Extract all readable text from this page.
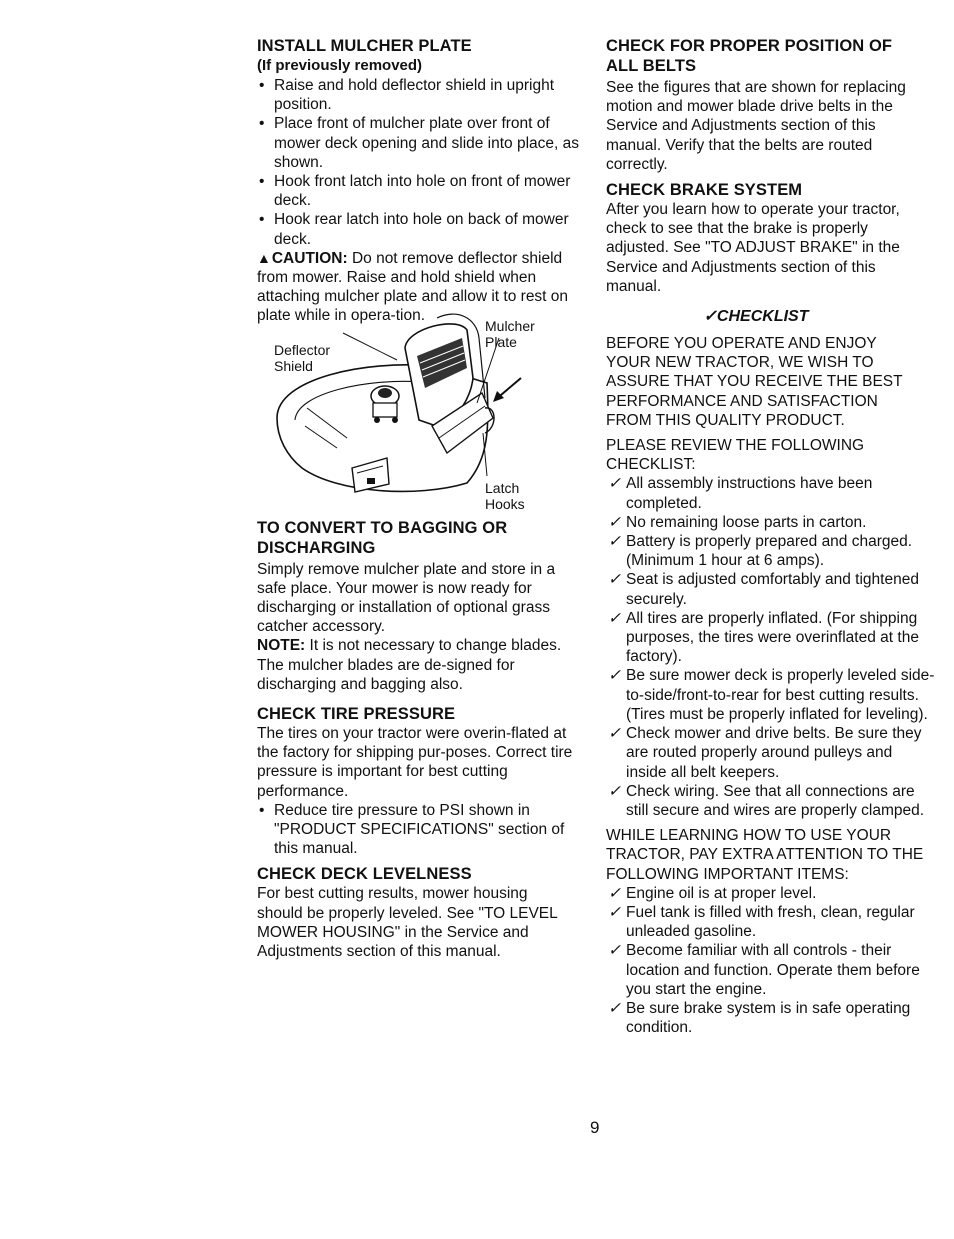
INSTALL MULCHER PLATE
(If previously removed)
• Raise and hold deflector shield in upright position.
• Place front of mulcher plate over front of mower deck opening and slide into place, as shown.
• Hook front latch into hole on front of mower deck.
• Hook rear latch into hole on back of mower deck.

▲CAUTION: Do not remove deflector shield from mower. Raise and hold shield when attaching mulcher plate and allow it to rest on plate while in opera-tion.

Mulcher Plate
Deflector Shield
Latch Hooks
TO CONVERT TO BAGGING OR DISCHARGING

Simply remove mulcher plate and store in a safe place. Your mower is now ready for discharging or installation of optional grass catcher accessory.

NOTE: It is not necessary to change blades. The mulcher blades are de-signed for discharging and bagging also.

CHECK TIRE PRESSURE

The tires on your tractor were overin-flated at the factory for shipping pur-poses. Correct tire pressure is important for best cutting performance.

• Reduce tire pressure to PSI shown in "PRODUCT SPECIFICATIONS" section of this manual.
CHECK DECK LEVELNESS

For best cutting results, mower housing should be properly leveled. See "TO LEVEL MOWER HOUSING" in the Service and Adjustments section of this manual.

CHECK FOR PROPER POSITION OF ALL BELTS

See the figures that are shown for replacing motion and mower blade drive belts in the Service and Adjustments section of this manual. Verify that the belts are routed correctly.

CHECK BRAKE SYSTEM

After you learn how to operate your tractor, check to see that the brake is properly adjusted. See "TO ADJUST BRAKE" in the Service and Adjustments section of this manual.

✓CHECKLIST

BEFORE YOU OPERATE AND ENJOY YOUR NEW TRACTOR, WE WISH TO ASSURE THAT YOU RECEIVE THE BEST PERFORMANCE AND SATISFACTION FROM THIS QUALITY PRODUCT.

PLEASE REVIEW THE FOLLOWING CHECKLIST:

✓ All assembly instructions have been completed.
✓ No remaining loose parts in carton.
✓ Battery is properly prepared and charged. (Minimum 1 hour at 6 amps).
✓ Seat is adjusted comfortably and tightened securely.
✓ All tires are properly inflated. (For shipping purposes, the tires were overinflated at the factory).
✓ Be sure mower deck is properly leveled side-to-side/front-to-rear for best cutting results. (Tires must be properly inflated for leveling).
✓ Check mower and drive belts. Be sure they are routed properly around pulleys and inside all belt keepers.
✓ Check wiring. See that all connections are still secure and wires are properly clamped.

WHILE LEARNING HOW TO USE YOUR TRACTOR, PAY EXTRA ATTENTION TO THE FOLLOWING IMPORTANT ITEMS:

✓ Engine oil is at proper level.
✓ Fuel tank is filled with fresh, clean, regular unleaded gasoline.
✓ Become familiar with all controls - their location and function. Operate them before you start the engine.
✓ Be sure brake system is in safe operating condition.
9
